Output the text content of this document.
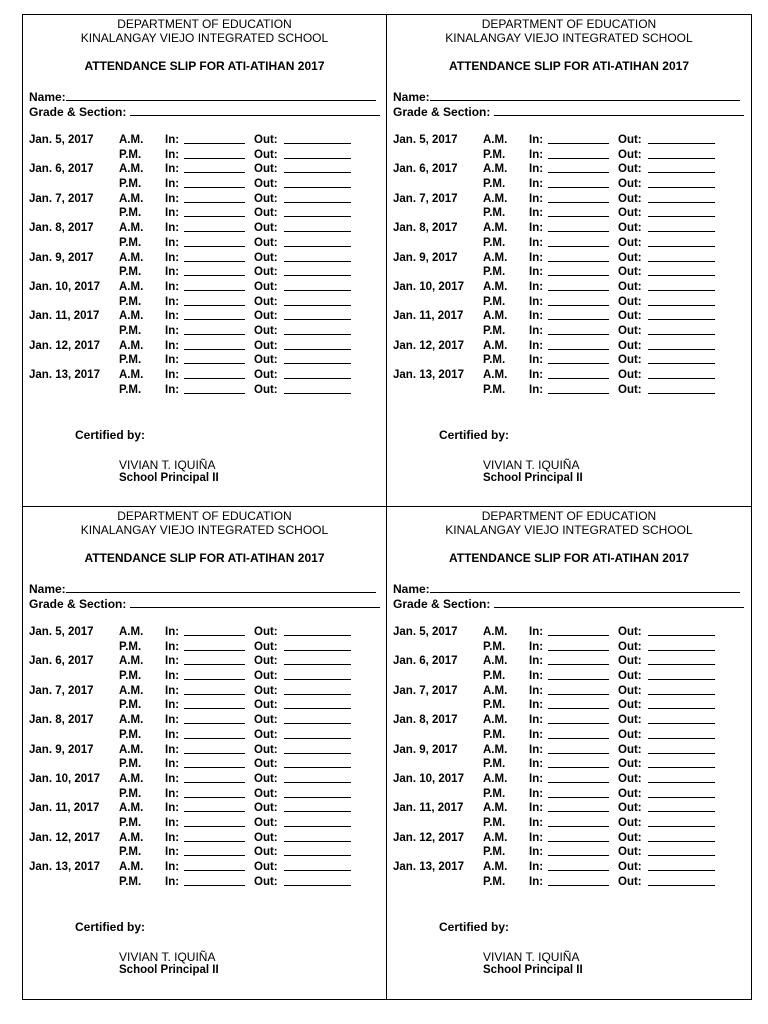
DEPARTMENT OF EDUCATION
KINALANGAY VIEJO INTEGRATED SCHOOL
ATTENDANCE SLIP FOR ATI-ATIHAN 2017
Name:
Grade & Section:
Jan. 5, 2017 A.M. In:	Out:
P.M. In:	Out:
Jan. 6, 2017 A.M. In:	Out:
P.M. In:	Out:
Jan. 7, 2017 A.M. In:	Out:
P.M. In:	Out:
Jan. 8, 2017 A.M. In:	Out:
P.M. In:	Out:
Jan. 9, 2017 A.M. In:	Out:
P.M. In:	Out:
Jan. 10, 2017 A.M. In:	Out:
P.M. In:	Out:
Jan. 11, 2017 A.M. In:	Out:
P.M. In:	Out:
Jan. 12, 2017 A.M. In:	Out:
P.M. In:	Out:
Jan. 13, 2017 A.M. In:	Out:
P.M. In:	Out:
Certified by:
VIVIAN T. IQUIÑA
School Principal II
DEPARTMENT OF EDUCATION
KINALANGAY VIEJO INTEGRATED SCHOOL
ATTENDANCE SLIP FOR ATI-ATIHAN 2017
Name:
Grade & Section:
Jan. 5, 2017 A.M. In:	Out:
P.M. In:	Out:
Jan. 6, 2017 A.M. In:	Out:
P.M. In:	Out:
Jan. 7, 2017 A.M. In:	Out:
P.M. In:	Out:
Jan. 8, 2017 A.M. In:	Out:
P.M. In:	Out:
Jan. 9, 2017 A.M. In:	Out:
P.M. In:	Out:
Jan. 10, 2017 A.M. In:	Out:
P.M. In:	Out:
Jan. 11, 2017 A.M. In:	Out:
P.M. In:	Out:
Jan. 12, 2017 A.M. In:	Out:
P.M. In:	Out:
Jan. 13, 2017 A.M. In:	Out:
P.M. In:	Out:
Certified by:
VIVIAN T. IQUIÑA
School Principal II
DEPARTMENT OF EDUCATION
KINALANGAY VIEJO INTEGRATED SCHOOL
ATTENDANCE SLIP FOR ATI-ATIHAN 2017
Name:
Grade & Section:
Jan. 5, 2017 A.M. In:	Out:
P.M. In:	Out:
Jan. 6, 2017 A.M. In:	Out:
P.M. In:	Out:
Jan. 7, 2017 A.M. In:	Out:
P.M. In:	Out:
Jan. 8, 2017 A.M. In:	Out:
P.M. In:	Out:
Jan. 9, 2017 A.M. In:	Out:
P.M. In:	Out:
Jan. 10, 2017 A.M. In:	Out:
P.M. In:	Out:
Jan. 11, 2017 A.M. In:	Out:
P.M. In:	Out:
Jan. 12, 2017 A.M. In:	Out:
P.M. In:	Out:
Jan. 13, 2017 A.M. In:	Out:
P.M. In:	Out:
Certified by:
VIVIAN T. IQUIÑA
School Principal II
DEPARTMENT OF EDUCATION
KINALANGAY VIEJO INTEGRATED SCHOOL
ATTENDANCE SLIP FOR ATI-ATIHAN 2017
Name:
Grade & Section:
Jan. 5, 2017 A.M. In:	Out:
P.M. In:	Out:
Jan. 6, 2017 A.M. In:	Out:
P.M. In:	Out:
Jan. 7, 2017 A.M. In:	Out:
P.M. In:	Out:
Jan. 8, 2017 A.M. In:	Out:
P.M. In:	Out:
Jan. 9, 2017 A.M. In:	Out:
P.M. In:	Out:
Jan. 10, 2017 A.M. In:	Out:
P.M. In:	Out:
Jan. 11, 2017 A.M. In:	Out:
P.M. In:	Out:
Jan. 12, 2017 A.M. In:	Out:
P.M. In:	Out:
Jan. 13, 2017 A.M. In:	Out:
P.M. In:	Out:
Certified by:
VIVIAN T. IQUIÑA
School Principal II
